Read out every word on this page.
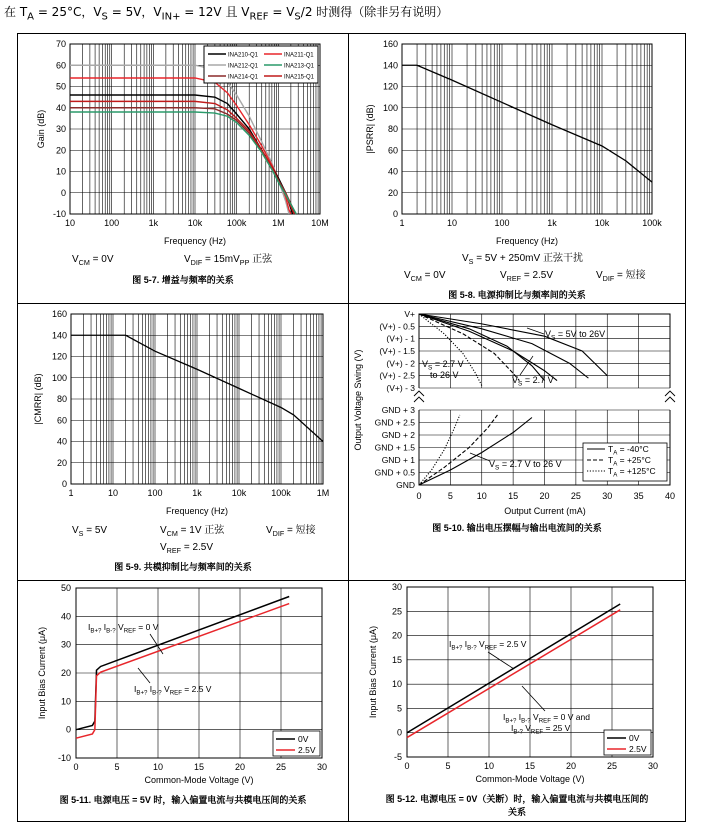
在 $T_A = 25^\circ C$，$V_S = 5V$，$V_{IN+} = 12V$ 且 $V_{REF} = V_S/2$ 时测得（除非另有说明）
-10
0
10
20
30
40
50
60
70
10	100	1k	10k	100k	1M	10M
INA210-Q1	INA211-Q1
INA212-Q1	INA213-Q1
INA214-Q1	INA215-Q1
Frequency (Hz)
Gain (dB)
$V_{CM} = 0V$	$V_{DIF} = 15mV_{PP}$ 正弦
图 5-7. 增益与频率的关系
0
20
40
60
80
100
120
140
160
1	10	100	1k	10k	100k
Frequency (Hz)
|PSRR| (dB)
$V_S = 5V + 250mV$ 正弦干扰
$V_{CM} = 0V$	$V_{REF} = 2.5V$	$V_{DIF}$ = 短接
图 5-8. 电源抑制比与频率间的关系
0
20
40
60
80
100
120
140
160
1	10	100	1k	10k	100k	1M
Frequency (Hz)
|CMRR| (dB)
$V_S = 5V$	$V_{CM} = 1V$ 正弦	$V_{DIF}$ = 短接
$V_{REF} = 2.5V$
图 5-9. 共模抑制比与频率间的关系
V+
GND + 3
(V+) - 0.5
GND + 2.5
(V+) - 1
GND + 2
(V+) - 1.5
GND + 1.5
(V+) - 2
GND + 1
(V+) - 2.5
GND + 0.5
(V+) - 3
GND
0	5	10 15 20 25 30 35 40
Output Current (mA)
Output Voltage Swing (V)
$V_S = 5V$ to 26V
$V_S = 2.7$ V
to 26 V	$V_S = 2.7$ V
$V_S = 2.7$ V to 26 V
$T_A = -40^\circ C$
$T_A = +25^\circ C$
$T_A = +125^\circ C$
图 5-10. 输出电压摆幅与输出电流间的关系
-10
0
10
20
30
40
50
0	5	10	15	20	25	30
Common-Mode Voltage (V)
Input Bias Current (μA)
0V
2.5V
$I_{B+?}$ $I_{B-?}$ $V_{REF} = 0$ V
$I_{B+?}$ $I_{B-?}$ $V_{REF} = 2.5$ V
图 5-11. 电源电压 = 5V 时，输入偏置电流与共模电压间的关系
-5
0
5
10
15
20
25
30
0	5	10	15	20	25	30
Common-Mode Voltage (V)
Input Bias Current (μA)
0V
2.5V
$I_{B+?}$ $I_{B-?}$ $V_{REF} = 2.5$ V
$I_{B+?}$ $I_{B-?}$ $V_{REF} = 0$ V and
$I_{B-?}$ $V_{REF} = 25$ V
图 5-12. 电源电压 = 0V（关断）时，输入偏置电流与共模电压间的
关系
